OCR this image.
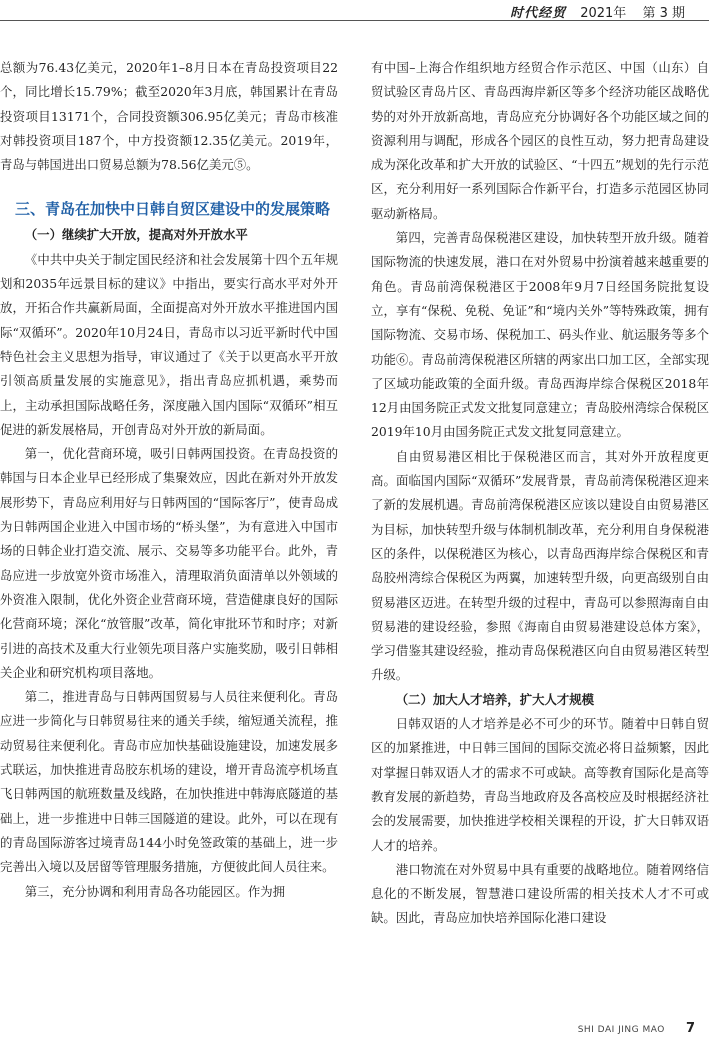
时代经贸 2021年 第 3 期

总额为76.43亿美元，2020年1–8月日本在青岛投资项目22个，同比增长15.79%；截至2020年3月底，韩国累计在青岛投资项目13171个，合同投资额306.95亿美元；青岛市核准对韩投资项目187个，中方投资额12.35亿美元。2019年，青岛与韩国进出口贸易总额为78.56亿美元⑤。

三、青岛在加快中日韩自贸区建设中的发展策略

（一）继续扩大开放，提高对外开放水平

《中共中央关于制定国民经济和社会发展第十四个五年规划和2035年远景目标的建议》中指出，要实行高水平对外开放，开拓合作共赢新局面，全面提高对外开放水平推进国内国际“双循环”。2020年10月24日，青岛市以习近平新时代中国特色社会主义思想为指导，审议通过了《关于以更高水平开放引领高质量发展的实施意见》，指出青岛应抓机遇，乘势而上，主动承担国际战略任务，深度融入国内国际“双循环”相互促进的新发展格局，开创青岛对外开放的新局面。

第一，优化营商环境，吸引日韩两国投资。在青岛投资的韩国与日本企业早已经形成了集聚效应，因此在新对外开放发展形势下，青岛应利用好与日韩两国的“国际客厅”，使青岛成为日韩两国企业进入中国市场的“桥头堡”，为有意进入中国市场的日韩企业打造交流、展示、交易等多功能平台。此外，青岛应进一步放宽外资市场准入，清理取消负面清单以外领域的外资准入限制，优化外资企业营商环境，营造健康良好的国际化营商环境；深化“放管服”改革，简化审批环节和时序；对新引进的高技术及重大行业领先项目落户实施奖励，吸引日韩相关企业和研究机构项目落地。

第二，推进青岛与日韩两国贸易与人员往来便利化。青岛应进一步简化与日韩贸易往来的通关手续，缩短通关流程，推动贸易往来便利化。青岛市应加快基础设施建设，加速发展多式联运，加快推进青岛胶东机场的建设，增开青岛流亭机场直飞日韩两国的航班数量及线路，在加快推进中韩海底隧道的基础上，进一步推进中日韩三国隧道的建设。此外，可以在现有的青岛国际游客过境青岛144小时免签政策的基础上，进一步完善出入境以及居留等管理服务措施，方便彼此间人员往来。

第三，充分协调和利用青岛各功能园区。作为拥

有中国–上海合作组织地方经贸合作示范区、中国（山东）自贸试验区青岛片区、青岛西海岸新区等多个经济功能区战略优势的对外开放新高地，青岛应充分协调好各个功能区域之间的资源利用与调配，形成各个园区的良性互动，努力把青岛建设成为深化改革和扩大开放的试验区、“十四五”规划的先行示范区，充分利用好一系列国际合作新平台，打造多示范园区协同驱动新格局。

第四，完善青岛保税港区建设，加快转型开放升级。随着国际物流的快速发展，港口在对外贸易中扮演着越来越重要的角色。青岛前湾保税港区于2008年9月7日经国务院批复设立，享有“保税、免税、免证”和“境内关外”等特殊政策，拥有国际物流、交易市场、保税加工、码头作业、航运服务等多个功能⑥。青岛前湾保税港区所辖的两家出口加工区，全部实现了区域功能政策的全面升级。青岛西海岸综合保税区2018年12月由国务院正式发文批复同意建立；青岛胶州湾综合保税区2019年10月由国务院正式发文批复同意建立。

自由贸易港区相比于保税港区而言，其对外开放程度更高。面临国内国际“双循环”发展背景，青岛前湾保税港区迎来了新的发展机遇。青岛前湾保税港区应该以建设自由贸易港区为目标，加快转型升级与体制机制改革，充分利用自身保税港区的条件，以保税港区为核心，以青岛西海岸综合保税区和青岛胶州湾综合保税区为两翼，加速转型升级，向更高级别自由贸易港区迈进。在转型升级的过程中，青岛可以参照海南自由贸易港的建设经验，参照《海南自由贸易港建设总体方案》，学习借鉴其建设经验，推动青岛保税港区向自由贸易港区转型升级。

（二）加大人才培养，扩大人才规模

日韩双语的人才培养是必不可少的环节。随着中日韩自贸区的加紧推进，中日韩三国间的国际交流必将日益频繁，因此对掌握日韩双语人才的需求不可或缺。高等教育国际化是高等教育发展的新趋势，青岛当地政府及各高校应及时根据经济社会的发展需要，加快推进学校相关课程的开设，扩大日韩双语人才的培养。

港口物流在对外贸易中具有重要的战略地位。随着网络信息化的不断发展，智慧港口建设所需的相关技术人才不可或缺。因此，青岛应加快培养国际化港口建设

SHI DAI JING MAO 7
